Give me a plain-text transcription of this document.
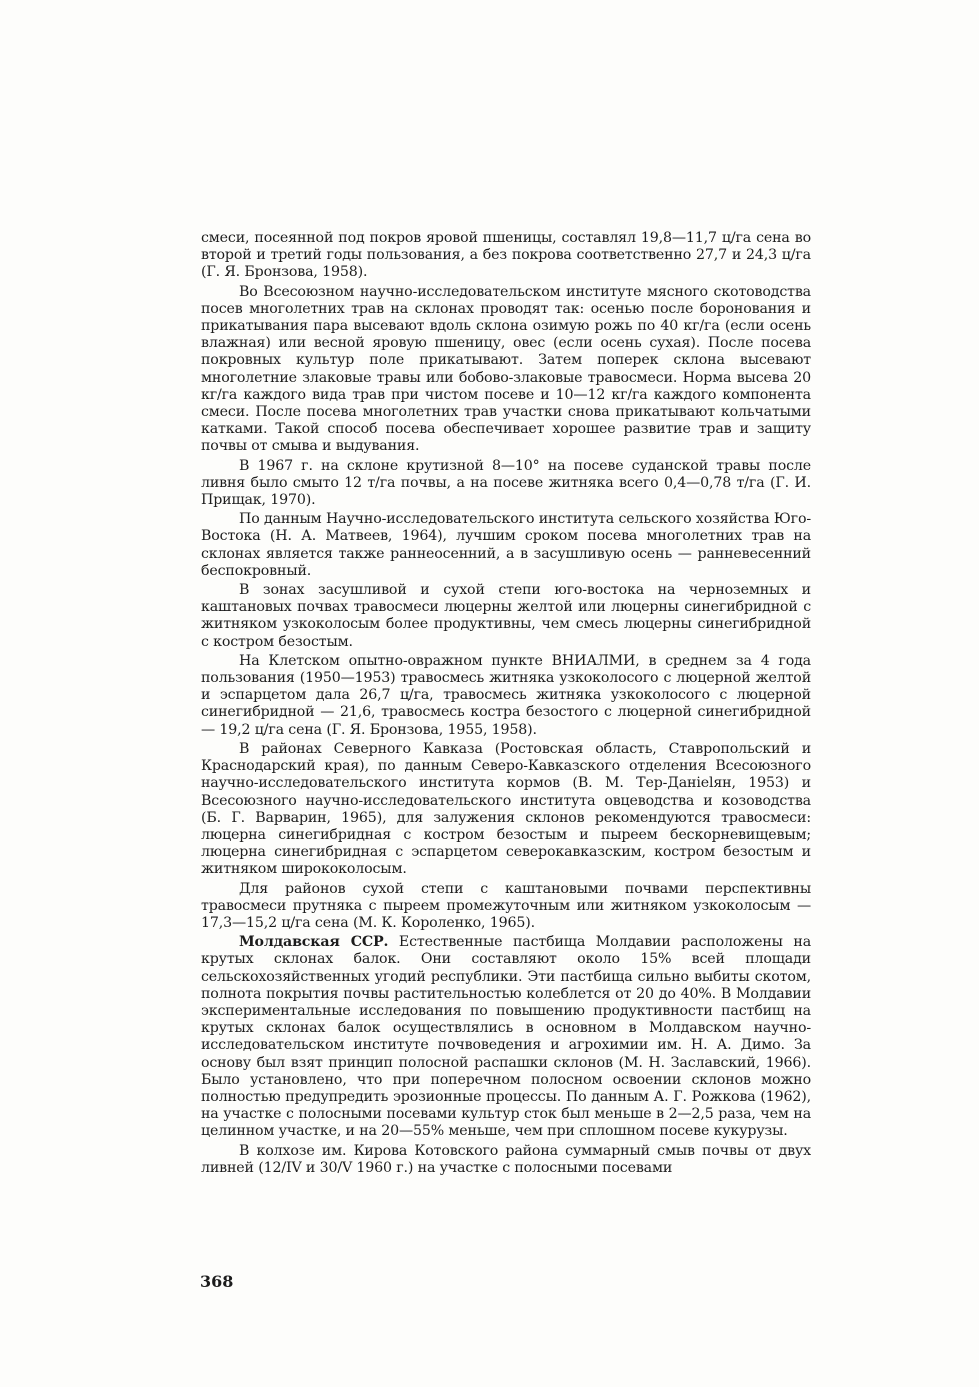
смеси, посеянной под покров яровой пшеницы, составлял 19,8—11,7 ц/га сена во второй и третий годы пользования, а без покрова соответственно 27,7 и 24,3 ц/га (Г. Я. Бронзова, 1958).

Во Всесоюзном научно-исследовательском институте мясного скотоводства посев многолетних трав на склонах проводят так: осенью после боронования и прикатывания пара высевают вдоль склона озимую рожь по 40 кг/га (если осень влажная) или весной яровую пшеницу, овес (если осень сухая). После посева покровных культур поле прикатывают. Затем поперек склона высевают многолетние злаковые травы или бобово-злаковые травосмеси. Норма высева 20 кг/га каждого вида трав при чистом посеве и 10—12 кг/га каждого компонента смеси. После посева многолетних трав участки снова прикатывают кольчатыми катками. Такой способ посева обеспечивает хорошее развитие трав и защиту почвы от смыва и выдувания.

В 1967 г. на склоне крутизной 8—10° на посеве суданской травы после ливня было смыто 12 т/га почвы, а на посеве житняка всего 0,4—0,78 т/га (Г. И. Прищак, 1970).

По данным Научно-исследовательского института сельского хозяйства Юго-Востока (Н. А. Матвеев, 1964), лучшим сроком посева многолетних трав на склонах является также раннеосенний, а в засушливую осень — ранневесенний беспокровный.

В зонах засушливой и сухой степи юго-востока на черноземных и каштановых почвах травосмеси люцерны желтой или люцерны синегибридной с житняком узкоколосым более продуктивны, чем смесь люцерны синегибридной с костром безостым.

На Клетском опытно-овражном пункте ВНИАЛМИ, в среднем за 4 года пользования (1950—1953) травосмесь житняка узкоколосого с люцерной желтой и эспарцетом дала 26,7 ц/га, травосмесь житняка узкоколосого с люцерной синегибридной — 21,6, травосмесь костра безостого с люцерной синегибридной — 19,2 ц/га сена (Г. Я. Бронзова, 1955, 1958).

В районах Северного Кавказа (Ростовская область, Ставропольский и Краснодарский края), по данным Северо-Кавказского отделения Всесоюзного научно-исследовательского института кормов (В. М. Тер-Данielян, 1953) и Всесоюзного научно-исследовательского института овцеводства и козоводства (Б. Г. Варварин, 1965), для залужения склонов рекомендуются травосмеси: люцерна синегибридная с костром безостым и пыреем бескорневищевым; люцерна синегибридная с эспарцетом северокавказским, костром безостым и житняком ширококолосым.

Для районов сухой степи с каштановыми почвами перспективны травосмеси прутняка с пыреем промежуточным или житняком узкоколосым — 17,3—15,2 ц/га сена (М. К. Короленко, 1965).

Молдавская ССР. Естественные пастбища Молдавии расположены на крутых склонах балок. Они составляют около 15% всей площади сельскохозяйственных угодий республики. Эти пастбища сильно выбиты скотом, полнота покрытия почвы растительностью колеблется от 20 до 40%. В Молдавии экспериментальные исследования по повышению продуктивности пастбищ на крутых склонах балок осуществлялись в основном в Молдавском научно-исследовательском институте почвоведения и агрохимии им. Н. А. Димо. За основу был взят принцип полосной распашки склонов (М. Н. Заславский, 1966). Было установлено, что при поперечном полосном освоении склонов можно полностью предупредить эрозионные процессы. По данным А. Г. Рожкова (1962), на участке с полосными посевами культур сток был меньше в 2—2,5 раза, чем на целинном участке, и на 20—55% меньше, чем при сплошном посеве кукурузы.

В колхозе им. Кирова Котовского района суммарный смыв почвы от двух ливней (12/IV и 30/V 1960 г.) на участке с полосными посевами

368
